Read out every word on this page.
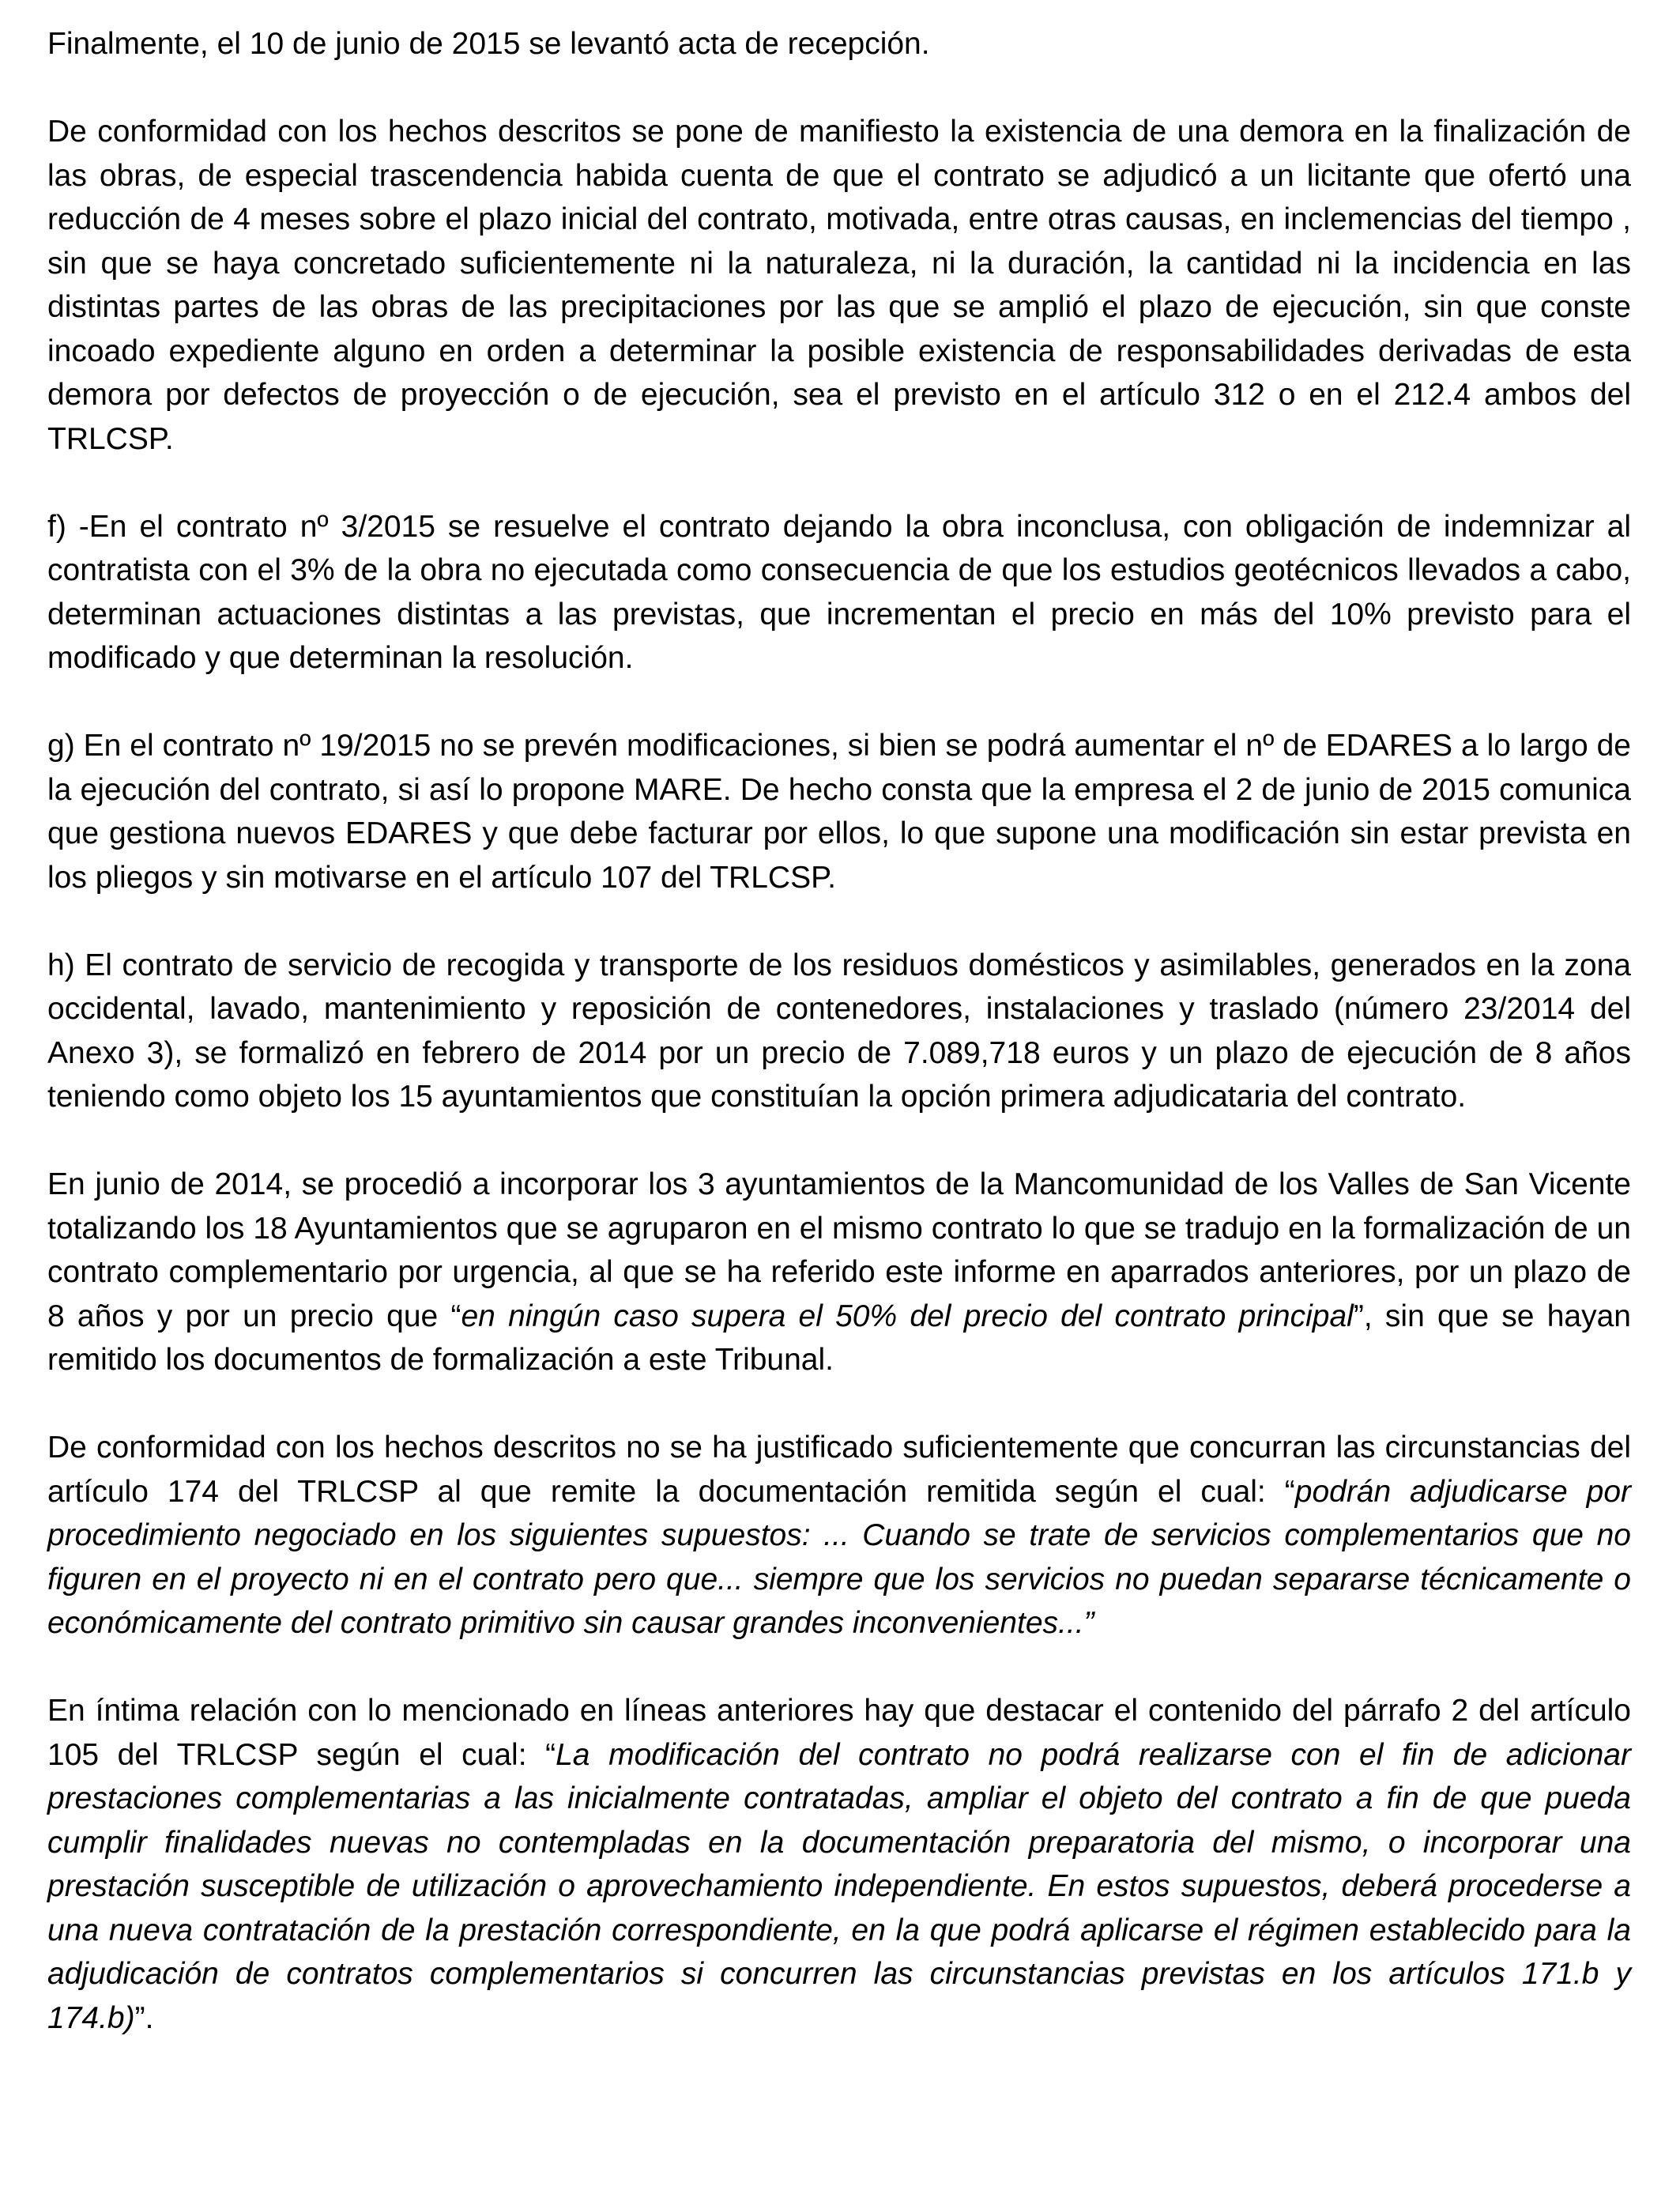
Finalmente, el 10 de junio de 2015 se levantó acta de recepción.

De conformidad con los hechos descritos se pone de manifiesto la existencia de una demora en la finalización de las obras, de especial trascendencia habida cuenta de que el contrato se adjudicó a un licitante que ofertó una reducción de 4 meses sobre el plazo inicial del contrato, motivada, entre otras causas, en inclemencias del tiempo , sin que se haya concretado suficientemente ni la naturaleza, ni la duración, la cantidad ni la incidencia en las distintas partes de las obras de las precipitaciones por las que se amplió el plazo de ejecución, sin que conste incoado expediente alguno en orden a determinar la posible existencia de responsabilidades derivadas de esta demora por defectos de proyección o de ejecución, sea el previsto en el artículo 312 o en el 212.4 ambos del TRLCSP.

f) -En el contrato nº 3/2015 se resuelve el contrato dejando la obra inconclusa, con obligación de indemnizar al contratista con el 3% de la obra no ejecutada como consecuencia de que los estudios geotécnicos llevados a cabo, determinan actuaciones distintas a las previstas, que incrementan el precio en más del 10% previsto para el modificado y que determinan la resolución.

g) En el contrato nº 19/2015 no se prevén modificaciones, si bien se podrá aumentar el nº de EDARES a lo largo de la ejecución del contrato, si así lo propone MARE. De hecho consta que la empresa el 2 de junio de 2015 comunica que gestiona nuevos EDARES y que debe facturar por ellos, lo que supone una modificación sin estar prevista en los pliegos y sin motivarse en el artículo 107 del TRLCSP.

h) El contrato de servicio de recogida y transporte de los residuos domésticos y asimilables, generados en la zona occidental, lavado, mantenimiento y reposición de contenedores, instalaciones y traslado (número 23/2014 del Anexo 3), se formalizó en febrero de 2014 por un precio de 7.089,718 euros y un plazo de ejecución de 8 años teniendo como objeto los 15 ayuntamientos que constituían la opción primera adjudicataria del contrato.

En junio de 2014, se procedió a incorporar los 3 ayuntamientos de la Mancomunidad de los Valles de San Vicente totalizando los 18 Ayuntamientos que se agruparon en el mismo contrato lo que se tradujo en la formalización de un contrato complementario por urgencia, al que se ha referido este informe en aparrados anteriores, por un plazo de 8 años y por un precio que “en ningún caso supera el 50% del precio del contrato principal”, sin que se hayan remitido los documentos de formalización a este Tribunal.

De conformidad con los hechos descritos no se ha justificado suficientemente que concurran las circunstancias del artículo 174 del TRLCSP al que remite la documentación remitida según el cual: “podrán adjudicarse por procedimiento negociado en los siguientes supuestos: ... Cuando se trate de servicios complementarios que no figuren en el proyecto ni en el contrato pero que... siempre que los servicios no puedan separarse técnicamente o económicamente del contrato primitivo sin causar grandes inconvenientes...”

En íntima relación con lo mencionado en líneas anteriores hay que destacar el contenido del párrafo 2 del artículo 105 del TRLCSP según el cual: “La modificación del contrato no podrá realizarse con el fin de adicionar prestaciones complementarias a las inicialmente contratadas, ampliar el objeto del contrato a fin de que pueda cumplir finalidades nuevas no contempladas en la documentación preparatoria del mismo, o incorporar una prestación susceptible de utilización o aprovechamiento independiente. En estos supuestos, deberá procederse a una nueva contratación de la prestación correspondiente, en la que podrá aplicarse el régimen establecido para la adjudicación de contratos complementarios si concurren las circunstancias previstas en los artículos 171.b y 174.b)”.
